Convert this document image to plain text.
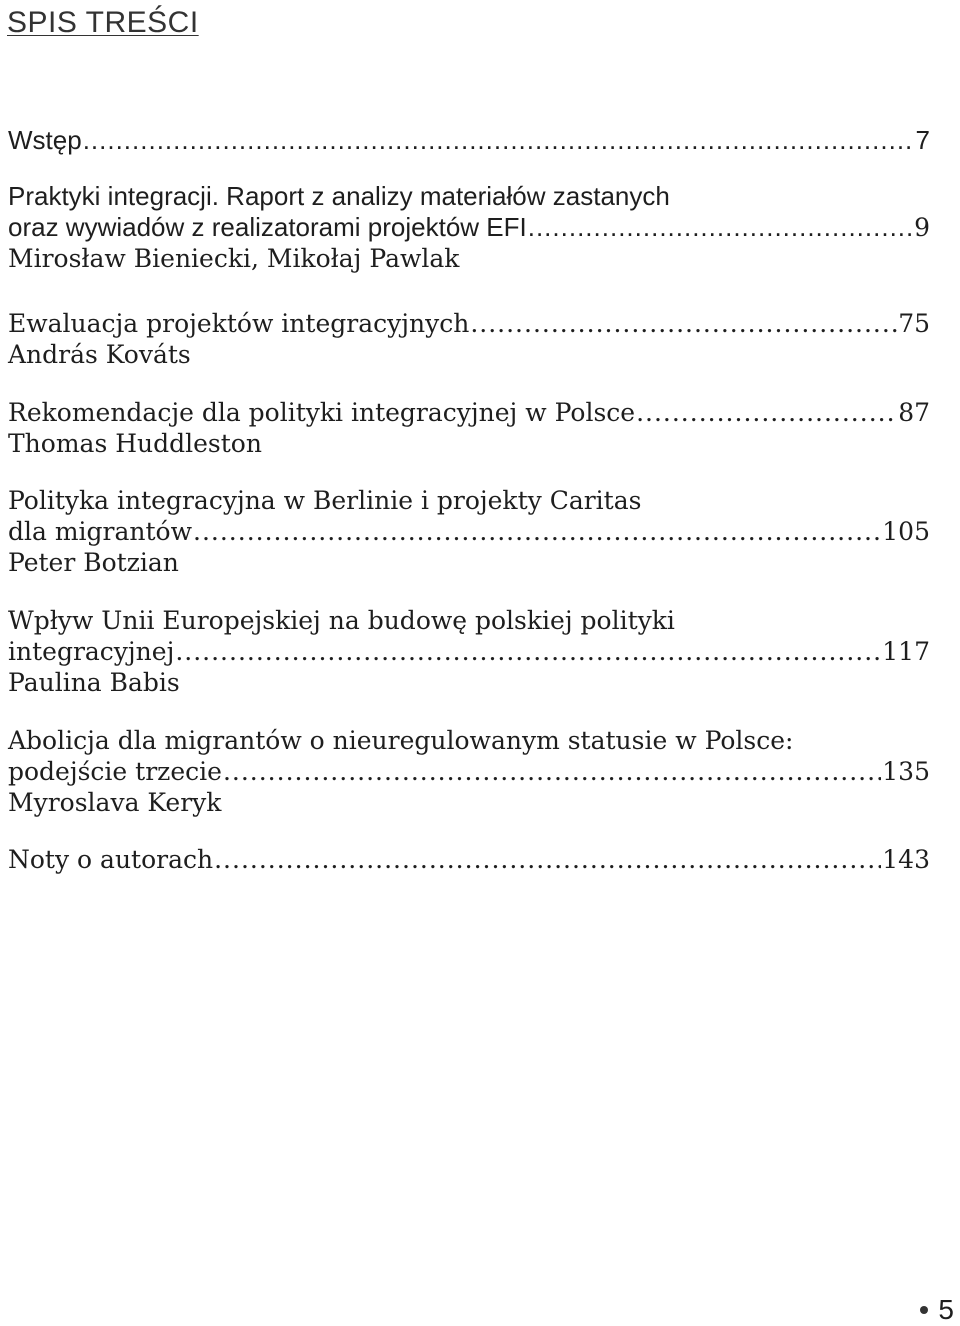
SPIS TREŚCI
Wstęp .....	7
Praktyki integracji. Raport z analizy materiałów zastanych
oraz wywiadów z realizatorami projektów EFI .....	9
Mirosław Bieniecki, Mikołaj Pawlak
Ewaluacja projektów integracyjnych .....	75
András Kováts
Rekomendacje dla polityki integracyjnej w Polsce .....	87
Thomas Huddleston
Polityka integracyjna w Berlinie i projekty Caritas
dla migrantów .....	105
Peter Botzian
Wpływ Unii Europejskiej na budowę polskiej polityki
integracyjnej .....	117
Paulina Babis
Abolicja dla migrantów o nieuregulowanym statusie w Polsce:
podejście trzecie .....	135
Myroslava Keryk
Noty o autorach .....	143
5
